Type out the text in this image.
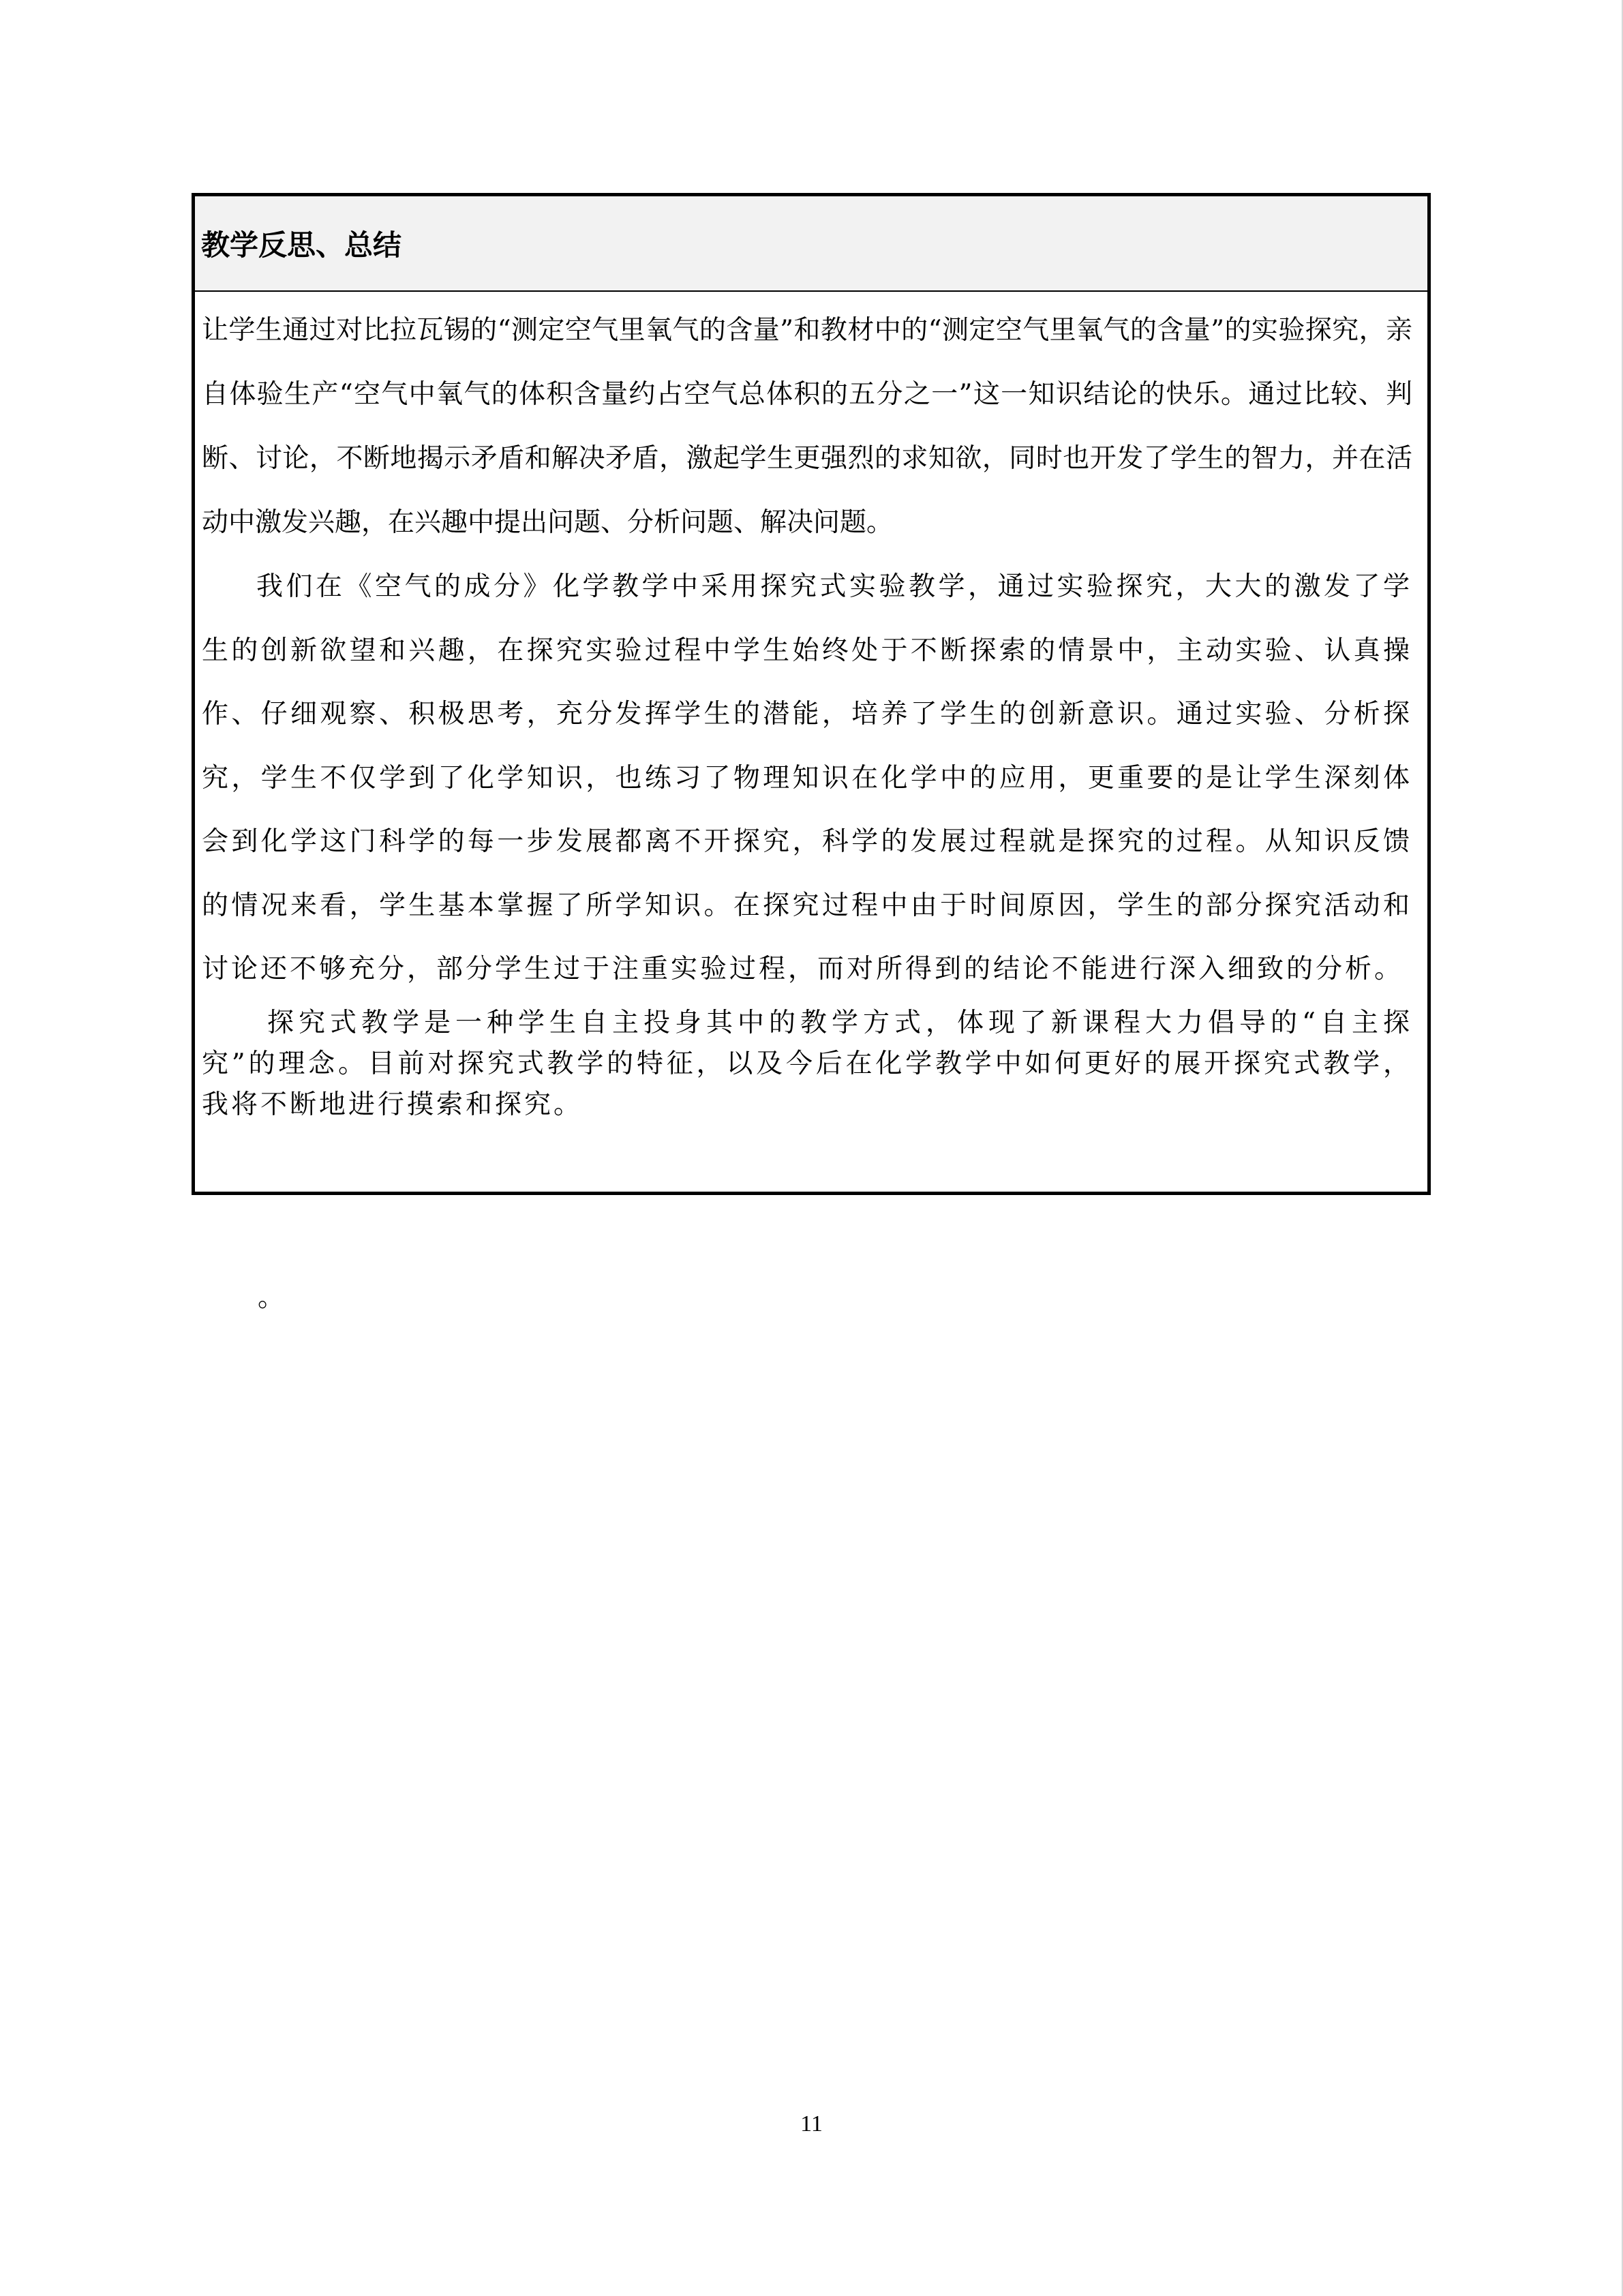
教学反思、总结

让学生通过对比拉瓦锡的“测定空气里氧气的含量”和教材中的“测定空气里氧气的含量”的实验探究，亲自体验生产“空气中氧气的体积含量约占空气总体积的五分之一”这一知识结论的快乐。通过比较、判断、讨论，不断地揭示矛盾和解决矛盾，激起学生更强烈的求知欲，同时也开发了学生的智力，并在活动中激发兴趣，在兴趣中提出问题、分析问题、解决问题。

我们在《空气的成分》化学教学中采用探究式实验教学，通过实验探究，大大的激发了学生的创新欲望和兴趣，在探究实验过程中学生始终处于不断探索的情景中，主动实验、认真操作、仔细观察、积极思考，充分发挥学生的潜能，培养了学生的创新意识。通过实验、分析探究，学生不仅学到了化学知识，也练习了物理知识在化学中的应用，更重要的是让学生深刻体会到化学这门科学的每一步发展都离不开探究，科学的发展过程就是探究的过程。从知识反馈的情况来看，学生基本掌握了所学知识。在探究过程中由于时间原因，学生的部分探究活动和讨论还不够充分，部分学生过于注重实验过程，而对所得到的结论不能进行深入细致的分析。

探究式教学是一种学生自主投身其中的教学方式，体现了新课程大力倡导的“自主探究”的理念。目前对探究式教学的特征，以及今后在化学教学中如何更好的展开探究式教学，我将不断地进行摸索和探究。

。
11
